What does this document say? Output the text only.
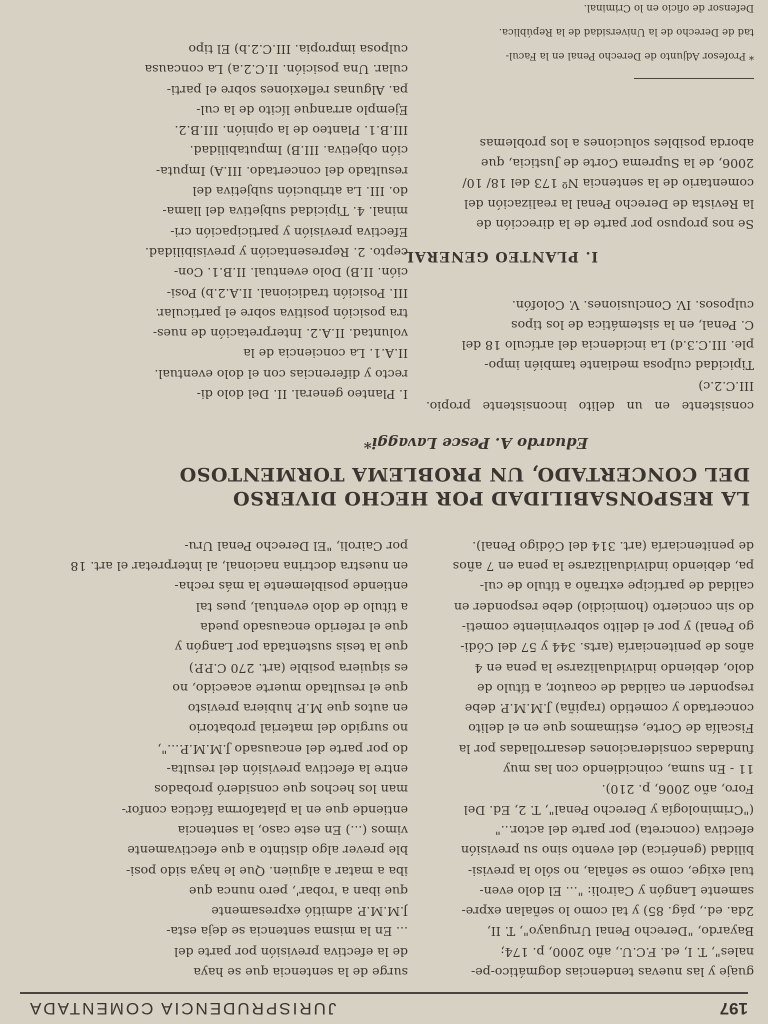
197
JURISPRUDENCIA COMENTADA

guaje y las nuevas tendencias dogmático-pe-

nales", T. I, ed. F.C.U., año 2000, p. 174;

Bayardo, "Derecho Penal Uruguayo", T. II,

2da. ed., pág. 85) y tal como lo señalan expre-

samente Langón y Cairoli: "... El dolo even-

tual exige, como se señala, no sólo la previsi-

bilidad (genérica) del evento sino su previsión

efectiva (concreta) por parte del actor..."

("Criminología y Derecho Penal", T. 2, Ed. Del

Foro, año 2006, p. 210).

11 - En suma, coincidiendo con las muy

fundadas consideraciones desarrolladas por la

Fiscalía de Corte, estimamos que en el delito

concertado y cometido (rapiña) J.M.M.P. debe

responder en calidad de coautor, a título de

dolo, debiendo individualizarse la pena en 4

años de penitenciaría (arts. 344 y 57 del Códi-

go Penal) y por el delito sobreviniente cometi-

do sin concierto (homicidio) debe responder en

calidad de partícipe extraño a título de cul-

pa, debiendo individualizarse la pena en 7 años

de penitenciaría (art. 314 del Código Penal).

surge de la sentencia que se haya

de la efectiva previsión por parte del

... En la misma sentencia se deja esta-

J.M.M.P. admitió expresamente

que iban a 'robar', pero nunca que

iba a matar a alguien. Que le haya sido posi-

ble prever algo distinto a que efectivamente

vimos (...) En este caso, la sentencia

entiende que en la plataforma fáctica confor-

man los hechos que consideró probados

entre la efectiva previsión del resulta-

do por parte del encausado J.M.M.P....",

no surgido del material probatorio

en autos que M.P. hubiera previsto

que el resultado muerte acaecido, no

es siquiera posible (art. 270 C.P.P.)

que la tesis sustentada por Langón y

que el referido encausado pueda

a título de dolo eventual, pues tal

entiende posiblemente la más recha-

en nuestra doctrina nacional, al interpretar el art. 18

por Cairoli, "El Derecho Penal Uru-

LA RESPONSABILIDAD POR HECHO DIVERSO

DEL CONCERTADO, UN PROBLEMA TORMENTOSO

Eduardo A. Pesce Lavaggi*

consistente en un delito inconsistente propio. III.C.2.c)

Tipicidad culposa mediante también impo-

ple. III.C.3.d) La incidencia del artículo 18 del

C. Penal, en la sistemática de los tipos

culposos. IV. Conclusiones. V. Colofón.

I. PLANTEO GENERAL

Se nos propuso por parte de la dirección de

la Revista de Derecho Penal la realización del

comentario de la sentencia Nº 173 del 18/ 10/

2006, de la Suprema Corte de Justicia, que

aborda posibles soluciones a los problemas

I. Planteo general. II. Del dolo di-

recto y diferencias con el dolo eventual.

II.A.1. La conciencia de la

voluntad. II.A.2. Interpretación de nues-

tra posición positiva sobre el particular.

III. Posición tradicional. II.A.2.b) Posi-

ción. II.B) Dolo eventual. II.B.1. Con-

cepto. 2. Representación y previsibilidad.

Efectiva previsión y participación cri-

minal. 4. Tipicidad subjetiva del llama-

do. III. La atribución subjetiva del

resultado del concertado. III.A) Imputa-

ción objetiva. III.B) Imputabilidad.

III.B.1. Planteo de la opinión. III.B.2.

Ejemplo arranque lícito de la cul-

pa. Algunas reflexiones sobre el parti-

cular. Una posición. II.C.2.a) La concausa

culposa impropia. III.C.2.b) El tipo	* Profesor Adjunto de Derecho Penal en la Facul-

tad de Derecho de la Universidad de la República.

Defensor de oficio en lo Criminal.
